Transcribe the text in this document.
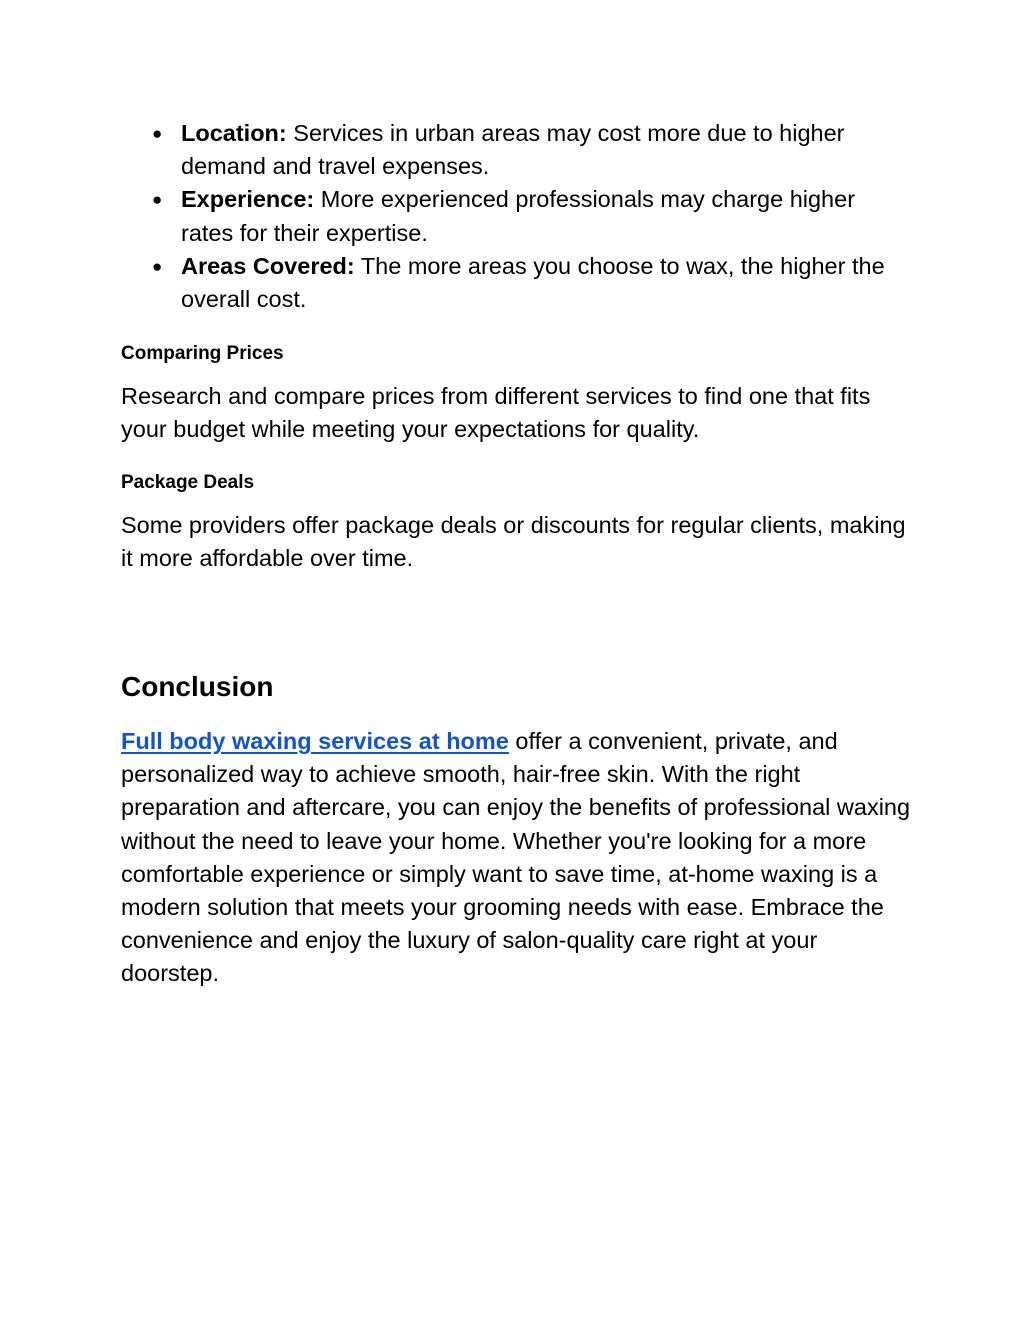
● Location: Services in urban areas may cost more due to higher demand and travel expenses.
● Experience: More experienced professionals may charge higher rates for their expertise.
● Areas Covered: The more areas you choose to wax, the higher the overall cost.
Comparing Prices

Research and compare prices from different services to find one that fits your budget while meeting your expectations for quality.

Package Deals

Some providers offer package deals or discounts for regular clients, making it more affordable over time.

Conclusion

Full body waxing services at home offer a convenient, private, and personalized way to achieve smooth, hair-free skin. With the right preparation and aftercare, you can enjoy the benefits of professional waxing without the need to leave your home. Whether you're looking for a more comfortable experience or simply want to save time, at-home waxing is a modern solution that meets your grooming needs with ease. Embrace the convenience and enjoy the luxury of salon-quality care right at your doorstep.
